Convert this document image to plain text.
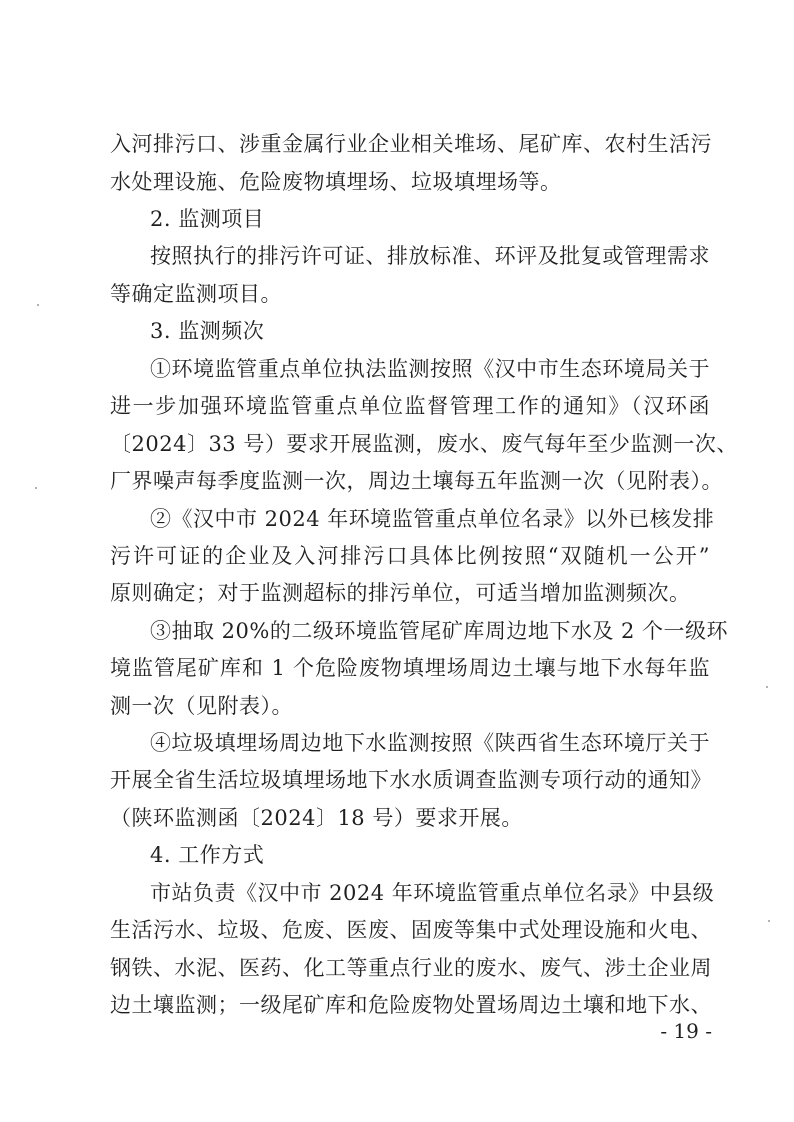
入河排污口、涉重金属行业企业相关堆场、尾矿库、农村生活污
水处理设施、危险废物填埋场、垃圾填埋场等。
2. 监测项目
按照执行的排污许可证、排放标准、环评及批复或管理需求
等确定监测项目。
3. 监测频次
①环境监管重点单位执法监测按照《汉中市生态环境局关于
进一步加强环境监管重点单位监督管理工作的通知》（汉环函
〔2024〕33 号）要求开展监测，废水、废气每年至少监测一次、
厂界噪声每季度监测一次，周边土壤每五年监测一次（见附表）。
②《汉中市 2024 年环境监管重点单位名录》以外已核发排
污许可证的企业及入河排污口具体比例按照“双随机一公开”
原则确定；对于监测超标的排污单位，可适当增加监测频次。
③抽取 20%的二级环境监管尾矿库周边地下水及 2 个一级环
境监管尾矿库和 1 个危险废物填埋场周边土壤与地下水每年监
测一次（见附表）。
④垃圾填埋场周边地下水监测按照《陕西省生态环境厅关于
开展全省生活垃圾填埋场地下水水质调查监测专项行动的通知》
（陕环监测函〔2024〕18 号）要求开展。
4. 工作方式
市站负责《汉中市 2024 年环境监管重点单位名录》中县级
生活污水、垃圾、危废、医废、固废等集中式处理设施和火电、
钢铁、水泥、医药、化工等重点行业的废水、废气、涉土企业周
边土壤监测；一级尾矿库和危险废物处置场周边土壤和地下水、
- 19 -
